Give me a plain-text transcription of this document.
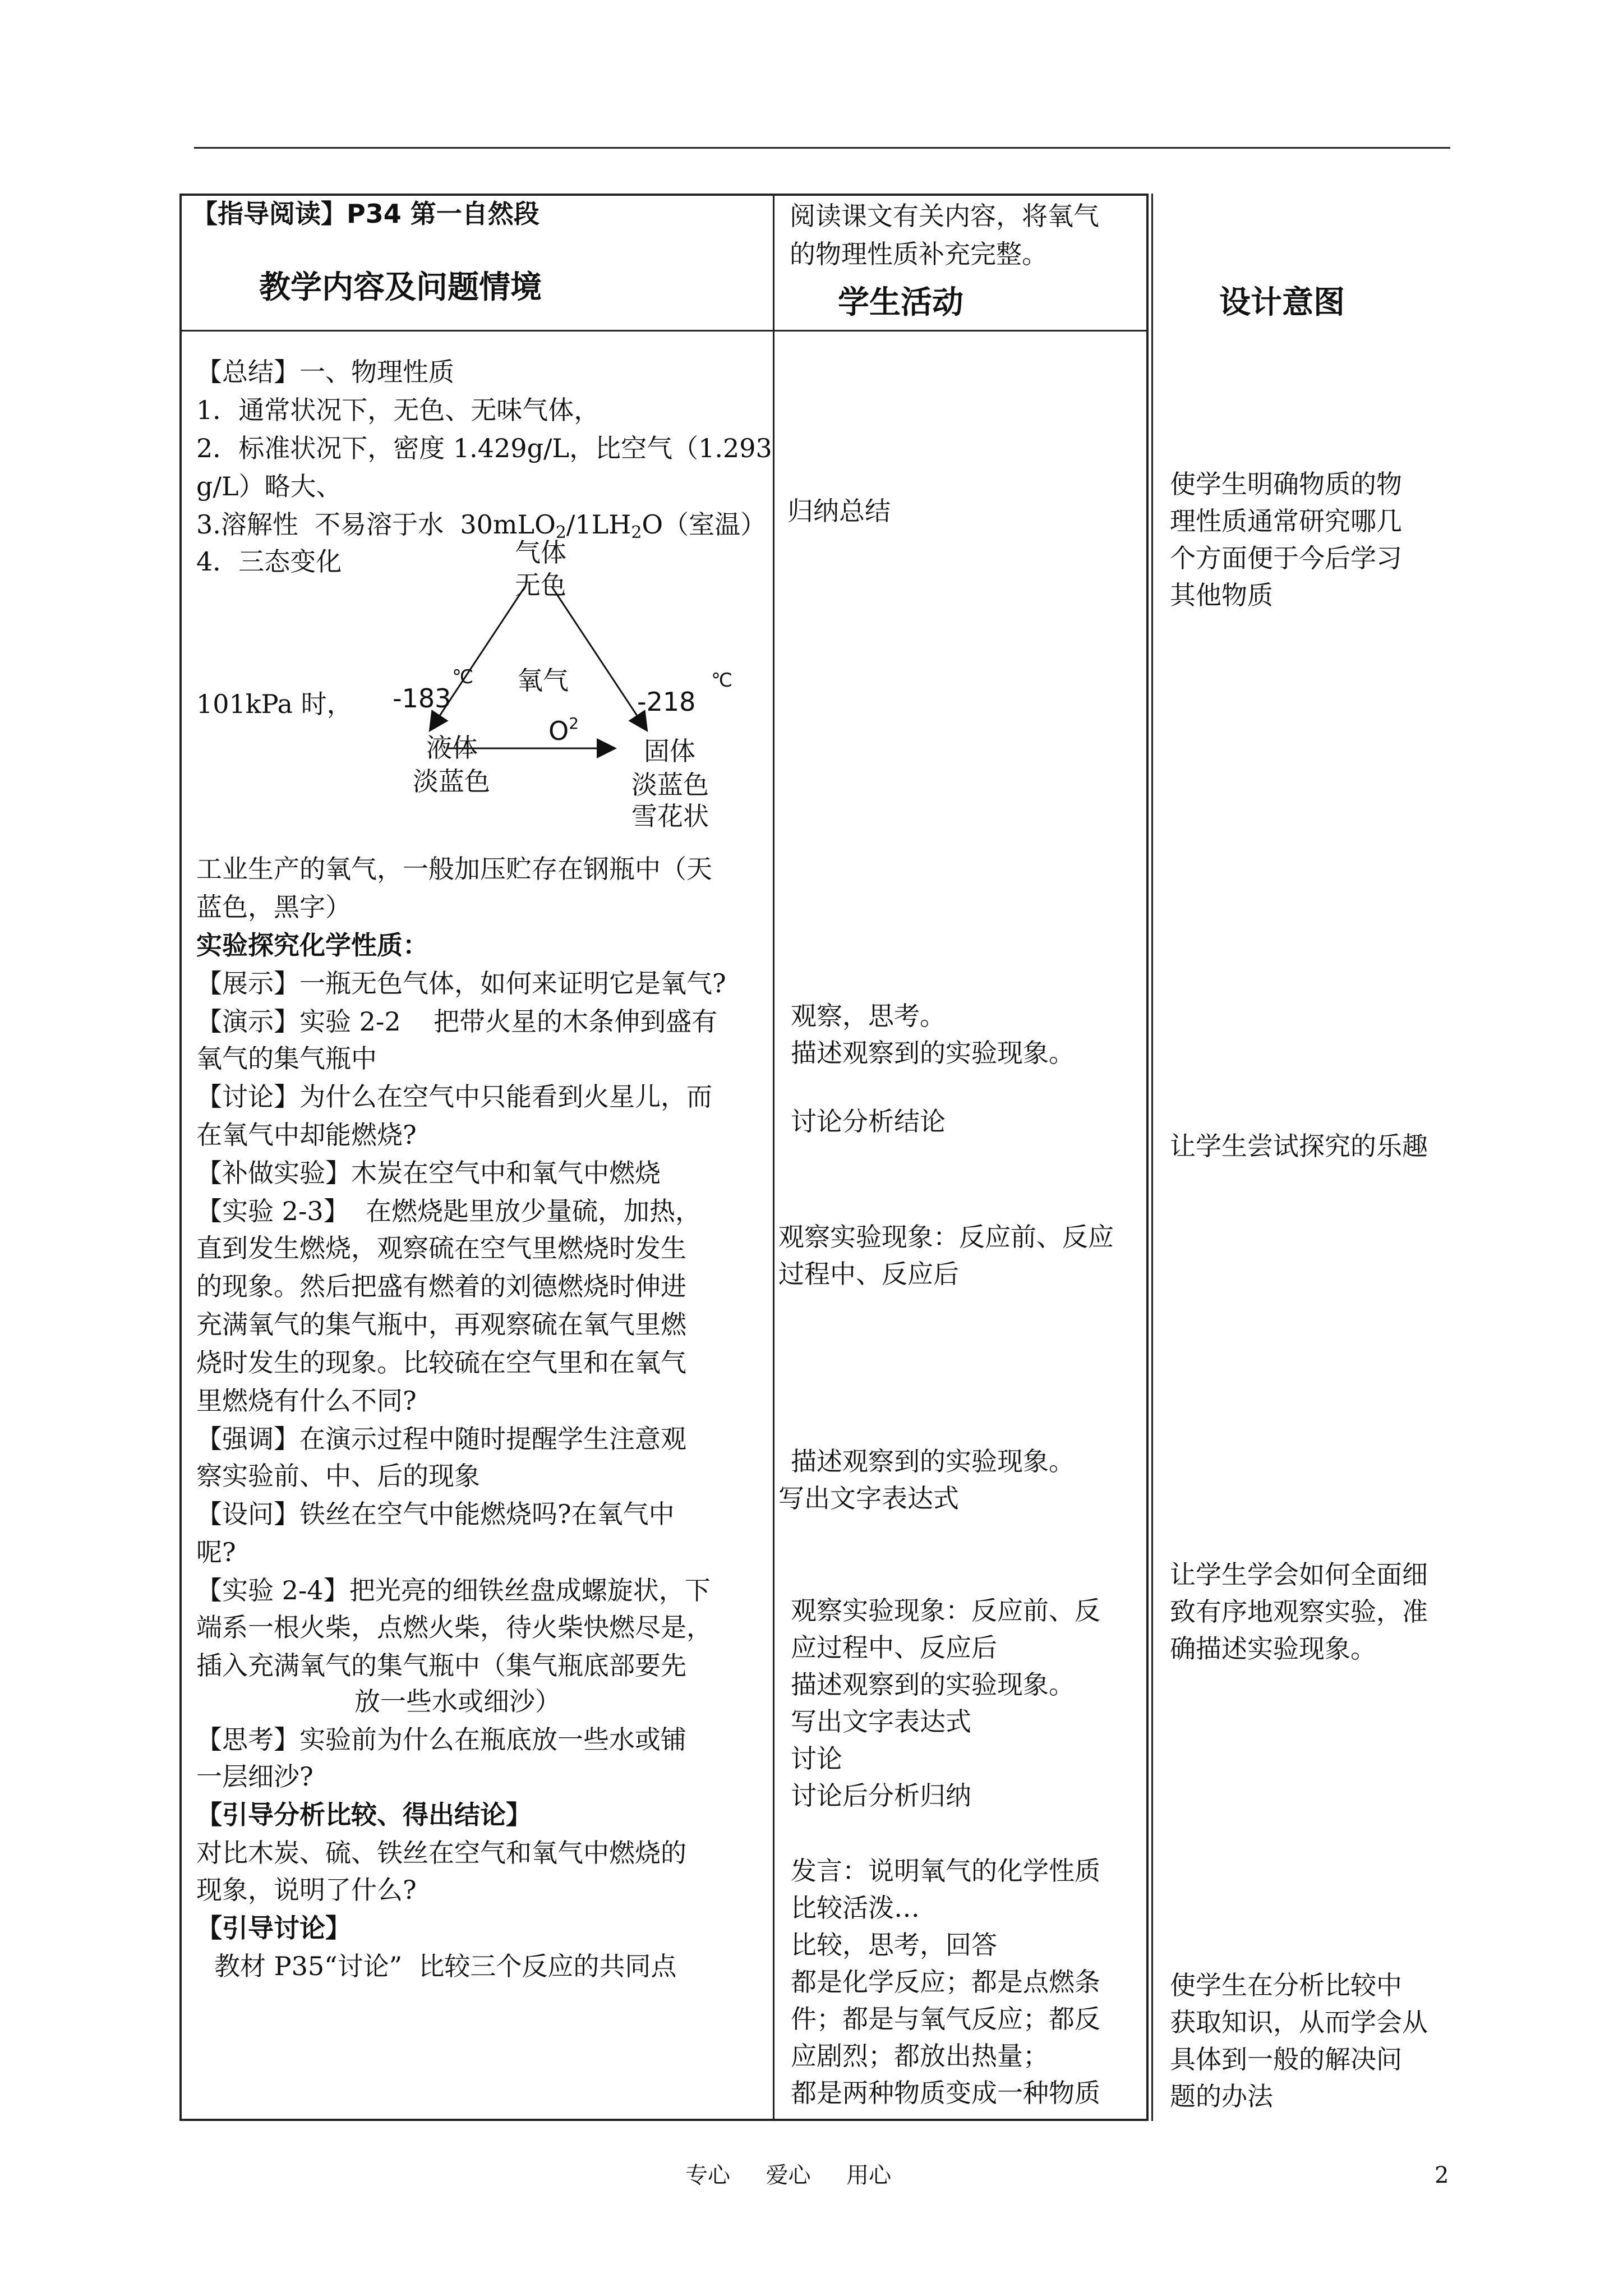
【指导阅读】P34 第一自然段
教学内容及问题情境
【总结】一、物理性质
1．通常状况下，无色、无味气体，
2．标准状况下，密度 1.429g/L，比空气（1.293
g/L）略大、
3.溶解性  不易溶于水  $30mLO_2/1LH_2O$（室温）
4．三态变化
101kPa 时，
气体
无色
氧气
-183
℃
-218
℃
$O^2$
液体
淡蓝色
固体
淡蓝色
雪花状
工业生产的氧气，一般加压贮存在钢瓶中（天
蓝色，黑字）
实验探究化学性质：
【展示】一瓶无色气体，如何来证明它是氧气?
【演示】实验 2-2    把带火星的木条伸到盛有
氧气的集气瓶中
【讨论】为什么在空气中只能看到火星儿，而
在氧气中却能燃烧?
【补做实验】木炭在空气中和氧气中燃烧
【实验 2-3】  在燃烧匙里放少量硫，加热，
直到发生燃烧，观察硫在空气里燃烧时发生
的现象。然后把盛有燃着的刘德燃烧时伸进
充满氧气的集气瓶中，再观察硫在氧气里燃
烧时发生的现象。比较硫在空气里和在氧气
里燃烧有什么不同?
【强调】在演示过程中随时提醒学生注意观
察实验前、中、后的现象
【设问】铁丝在空气中能燃烧吗?在氧气中
呢?
【实验 2-4】把光亮的细铁丝盘成螺旋状，下
端系一根火柴，点燃火柴，待火柴快燃尽是，
插入充满氧气的集气瓶中（集气瓶底部要先
放一些水或细沙）
【思考】实验前为什么在瓶底放一些水或铺
一层细沙?
【引导分析比较、得出结论】
对比木炭、硫、铁丝在空气和氧气中燃烧的
现象，说明了什么?
【引导讨论】
教材 P35“讨论”  比较三个反应的共同点
阅读课文有关内容，将氧气
的物理性质补充完整。
学生活动
归纳总结
观察，思考。
描述观察到的实验现象。
讨论分析结论
观察实验现象：反应前、反应
过程中、反应后
描述观察到的实验现象。
写出文字表达式
观察实验现象：反应前、反
应过程中、反应后
描述观察到的实验现象。
写出文字表达式
讨论
讨论后分析归纳
发言：说明氧气的化学性质
比较活泼…
比较，思考，回答
都是化学反应；都是点燃条
件；都是与氧气反应；都反
应剧烈；都放出热量；
都是两种物质变成一种物质
设计意图
使学生明确物质的物
理性质通常研究哪几
个方面便于今后学习
其他物质
让学生尝试探究的乐趣
让学生学会如何全面细
致有序地观察实验，准
确描述实验现象。
使学生在分析比较中
获取知识，从而学会从
具体到一般的解决问
题的办法
专心     爱心     用心	2
